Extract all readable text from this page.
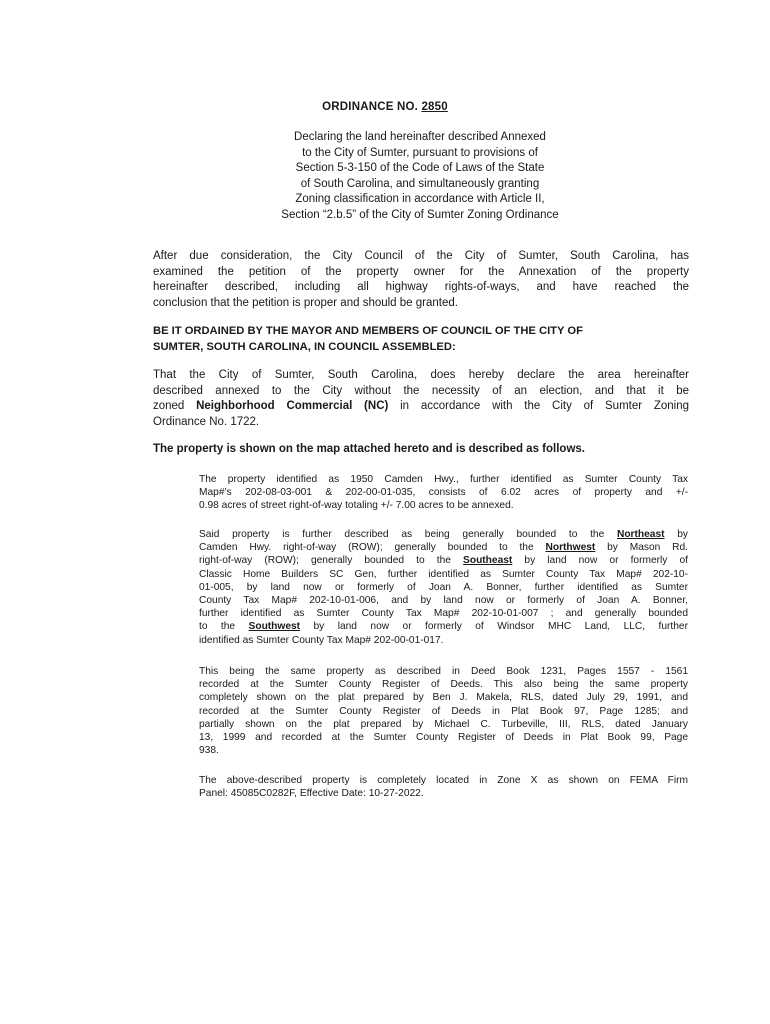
ORDINANCE NO. 2850
Declaring the land hereinafter described Annexed
to the City of Sumter, pursuant to provisions of
Section 5-3-150 of the Code of Laws of the State
of South Carolina, and simultaneously granting
Zoning classification in accordance with Article II,
Section “2.b.5” of the City of Sumter Zoning Ordinance
After due consideration, the City Council of the City of Sumter, South Carolina, has
examined the petition of the property owner for the Annexation of the property
hereinafter described, including all highway rights-of-ways, and have reached the
conclusion that the petition is proper and should be granted.
BE IT ORDAINED BY THE MAYOR AND MEMBERS OF COUNCIL OF THE CITY OF
SUMTER, SOUTH CAROLINA, IN COUNCIL ASSEMBLED:
That the City of Sumter, South Carolina, does hereby declare the area hereinafter
described annexed to the City without the necessity of an election, and that it be
zoned Neighborhood Commercial (NC) in accordance with the City of Sumter Zoning
Ordinance No. 1722.
The property is shown on the map attached hereto and is described as follows.
The property identified as 1950 Camden Hwy., further identified as Sumter County Tax
Map#’s 202-08-03-001 & 202-00-01-035, consists of 6.02 acres of property and +/-
0.98 acres of street right-of-way totaling +/- 7.00 acres to be annexed.
Said property is further described as being generally bounded to the Northeast by
Camden Hwy. right-of-way (ROW); generally bounded to the Northwest by Mason Rd.
right-of-way (ROW); generally bounded to the Southeast by land now or formerly of
Classic Home Builders SC Gen, further identified as Sumter County Tax Map# 202-10-
01-005, by land now or formerly of Joan A. Bonner, further identified as Sumter
County Tax Map# 202-10-01-006, and by land now or formerly of Joan A. Bonner,
further identified as Sumter County Tax Map# 202-10-01-007 ; and generally bounded
to the Southwest by land now or formerly of Windsor MHC Land, LLC, further
identified as Sumter County Tax Map# 202-00-01-017.
This being the same property as described in Deed Book 1231, Pages 1557 - 1561
recorded at the Sumter County Register of Deeds. This also being the same property
completely shown on the plat prepared by Ben J. Makela, RLS, dated July 29, 1991, and
recorded at the Sumter County Register of Deeds in Plat Book 97, Page 1285; and
partially shown on the plat prepared by Michael C. Turbeville, III, RLS, dated January
13, 1999 and recorded at the Sumter County Register of Deeds in Plat Book 99, Page
938.
The above-described property is completely located in Zone X as shown on FEMA Firm
Panel: 45085C0282F, Effective Date: 10-27-2022.
